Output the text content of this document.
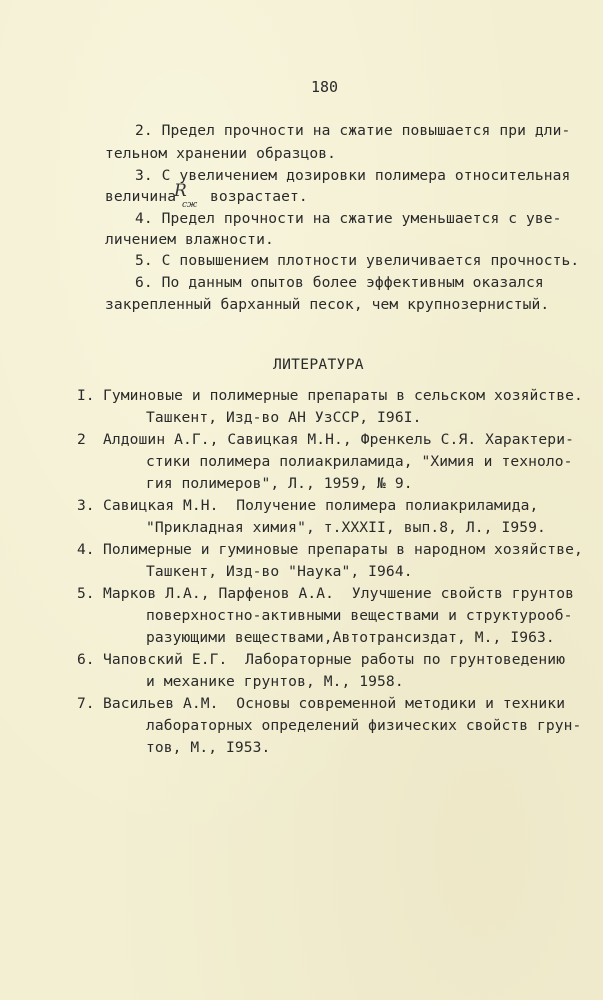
180
2. Предел прочности на сжатие повышается при дли-
тельном хранении образцов.
3. С увеличением дозировки полимера относительная
величина
R
сж возрастает.
4. Предел прочности на сжатие уменьшается с уве-
личением влажности.
5. С повышением плотности увеличивается прочность.
6. По данным опытов более эффективным оказался
закрепленный барханный песок, чем крупнозернистый.
ЛИТЕРАТУРА
I. Гуминовые и полимерные препараты в сельском хозяйстве.
Ташкент, Изд-во АН УзССР, I96I.
2 Алдошин А.Г., Савицкая М.Н., Френкель С.Я. Характери-
стики полимера полиакриламида, "Химия и техноло-
гия полимеров", Л., 1959, № 9.
3. Савицкая М.Н.  Получение полимера полиакриламида,
"Прикладная химия", т.XXXII, вып.8, Л., I959.
4. Полимерные и гуминовые препараты в народном хозяйстве,
Ташкент, Изд-во "Наука", I964.
5. Марков Л.А., Парфенов А.А.  Улучшение свойств грунтов
поверхностно-активными веществами и структурооб-
разующими веществами,Автотрансиздат, М., I963.
6. Чаповский Е.Г.  Лабораторные работы по грунтоведению
и механике грунтов, М., 1958.
7. Васильев А.М.  Основы современной методики и техники
лабораторных определений физических свойств грун-
тов, М., I953.
